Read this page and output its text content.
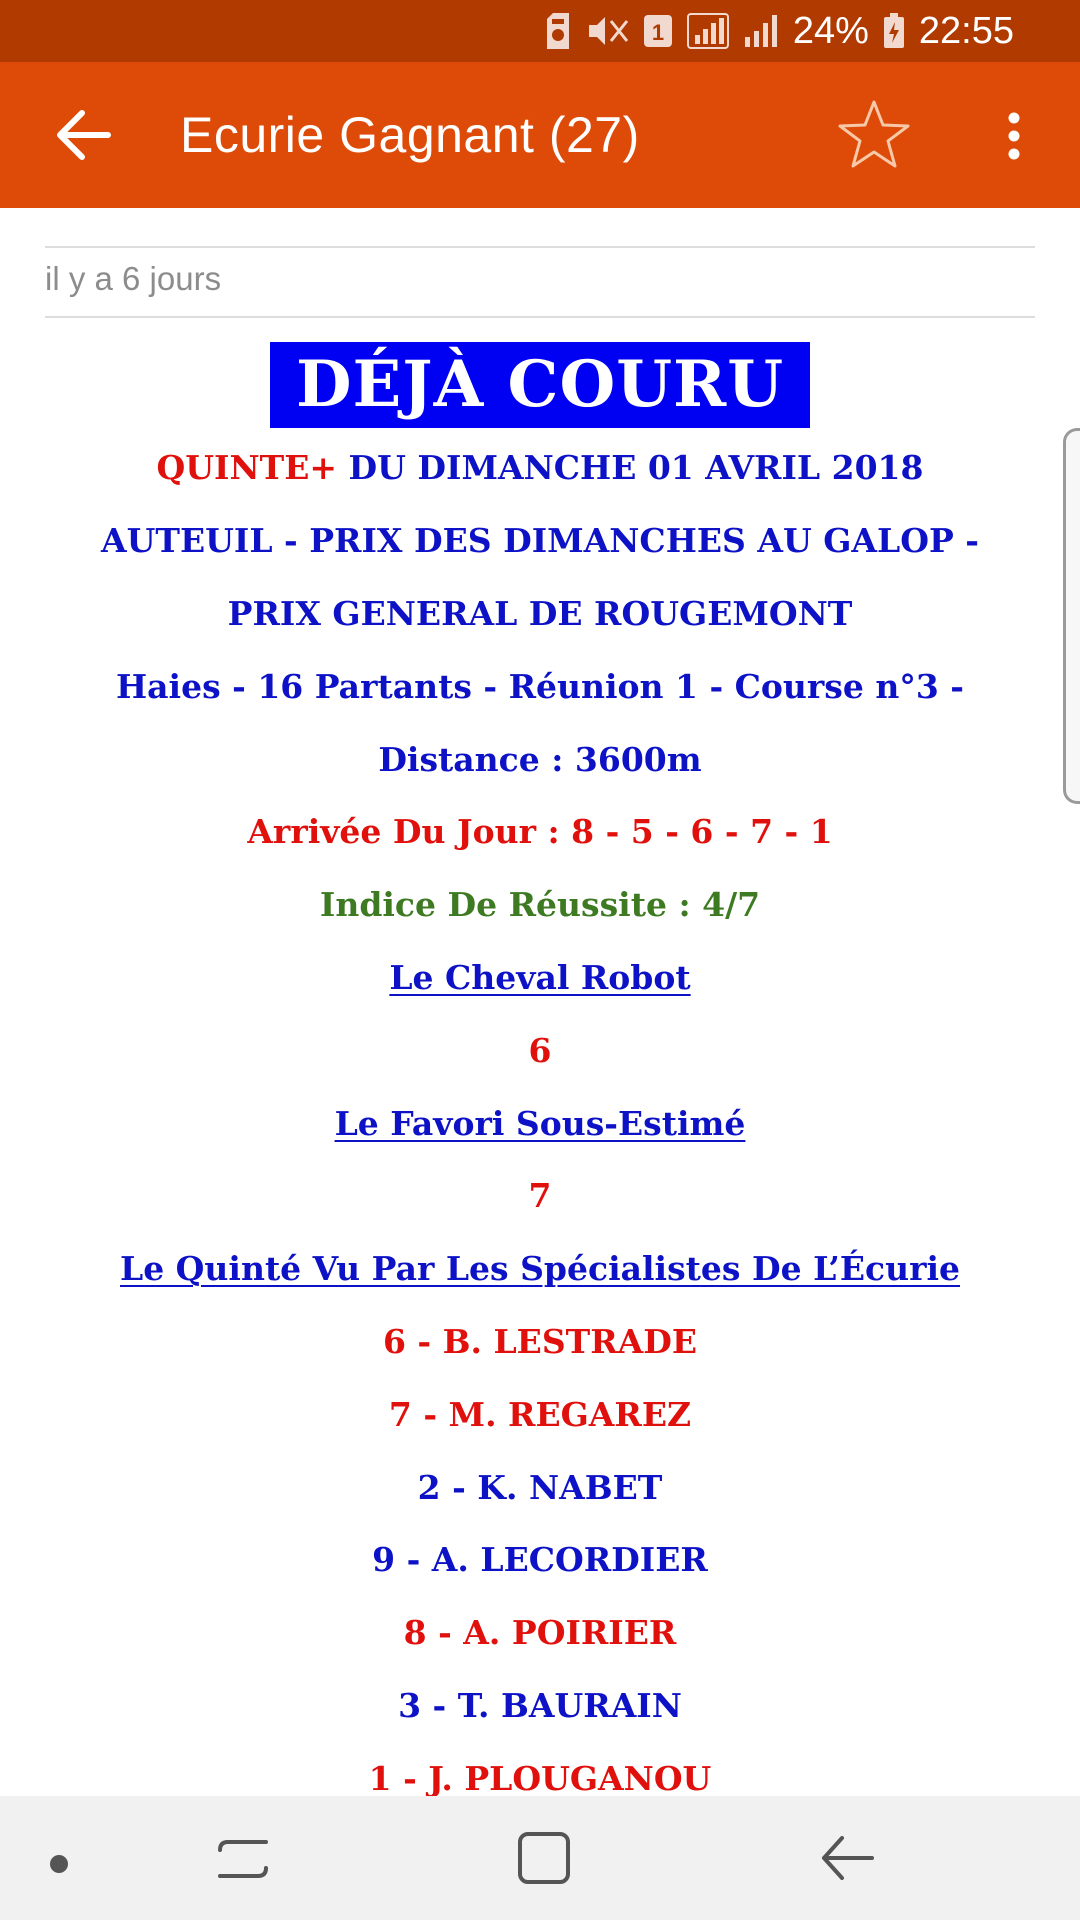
1	24% 22:55
Ecurie Gagnant (27)
il y a 6 jours
DÉJÀ COURU
QUINTE+ DU DIMANCHE 01 AVRIL 2018
AUTEUIL - PRIX DES DIMANCHES AU GALOP -
PRIX GENERAL DE ROUGEMONT
Haies - 16 Partants - Réunion 1 - Course n°3 -
Distance : 3600m
Arrivée Du Jour : 8 - 5 - 6 - 7 - 1
Indice De Réussite : 4/7
Le Cheval Robot
6
Le Favori Sous-Estimé
7
Le Quinté Vu Par Les Spécialistes De L’Écurie
6 - B. LESTRADE
7 - M. REGAREZ
2 - K. NABET
9 - A. LECORDIER
8 - A. POIRIER
3 - T. BAURAIN
1 - J. PLOUGANOU
